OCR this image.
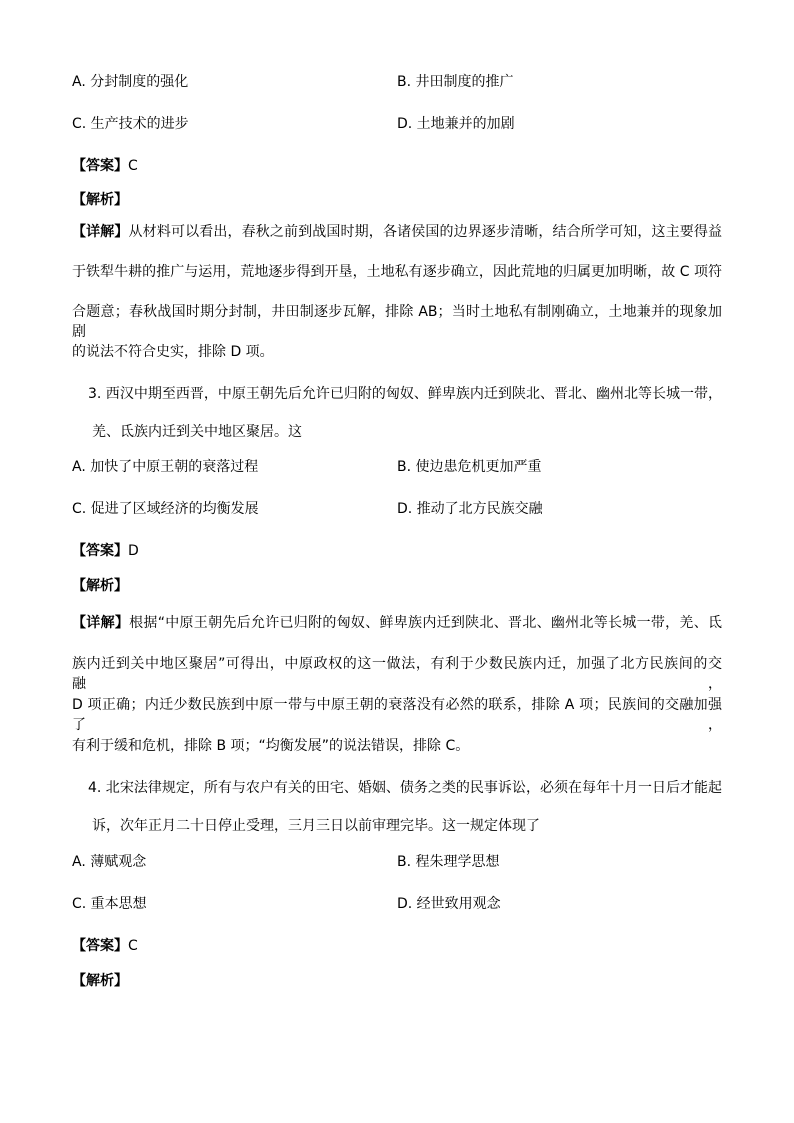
A. 分封制度的强化	B. 井田制度的推广
C. 生产技术的进步	D. 土地兼并的加剧
【答案】C
【解析】
【详解】从材料可以看出，春秋之前到战国时期，各诸侯国的边界逐步清晰，结合所学可知，这主要得益
于铁犁牛耕的推广与运用，荒地逐步得到开垦，土地私有逐步确立，因此荒地的归属更加明晰，故 C 项符
合题意；春秋战国时期分封制，井田制逐步瓦解，排除 AB；当时土地私有制刚确立，土地兼并的现象加剧
的说法不符合史实，排除 D 项。
3. 西汉中期至西晋，中原王朝先后允许已归附的匈奴、鲜卑族内迁到陕北、晋北、幽州北等长城一带，
羌、氐族内迁到关中地区聚居。这
A. 加快了中原王朝的衰落过程	B. 使边患危机更加严重
C. 促进了区域经济的均衡发展	D. 推动了北方民族交融
【答案】D
【解析】
【详解】根据“中原王朝先后允许已归附的匈奴、鲜卑族内迁到陕北、晋北、幽州北等长城一带，羌、氐
族内迁到关中地区聚居”可得出，中原政权的这一做法，有利于少数民族内迁，加强了北方民族间的交融，
D 项正确；内迁少数民族到中原一带与中原王朝的衰落没有必然的联系，排除 A 项；民族间的交融加强了，
有利于缓和危机，排除 B 项；“均衡发展”的说法错误，排除 C。
4. 北宋法律规定，所有与农户有关的田宅、婚姻、债务之类的民事诉讼，必须在每年十月一日后才能起
诉，次年正月二十日停止受理，三月三日以前审理完毕。这一规定体现了
A. 薄赋观念	B. 程朱理学思想
C. 重本思想	D. 经世致用观念
【答案】C
【解析】
